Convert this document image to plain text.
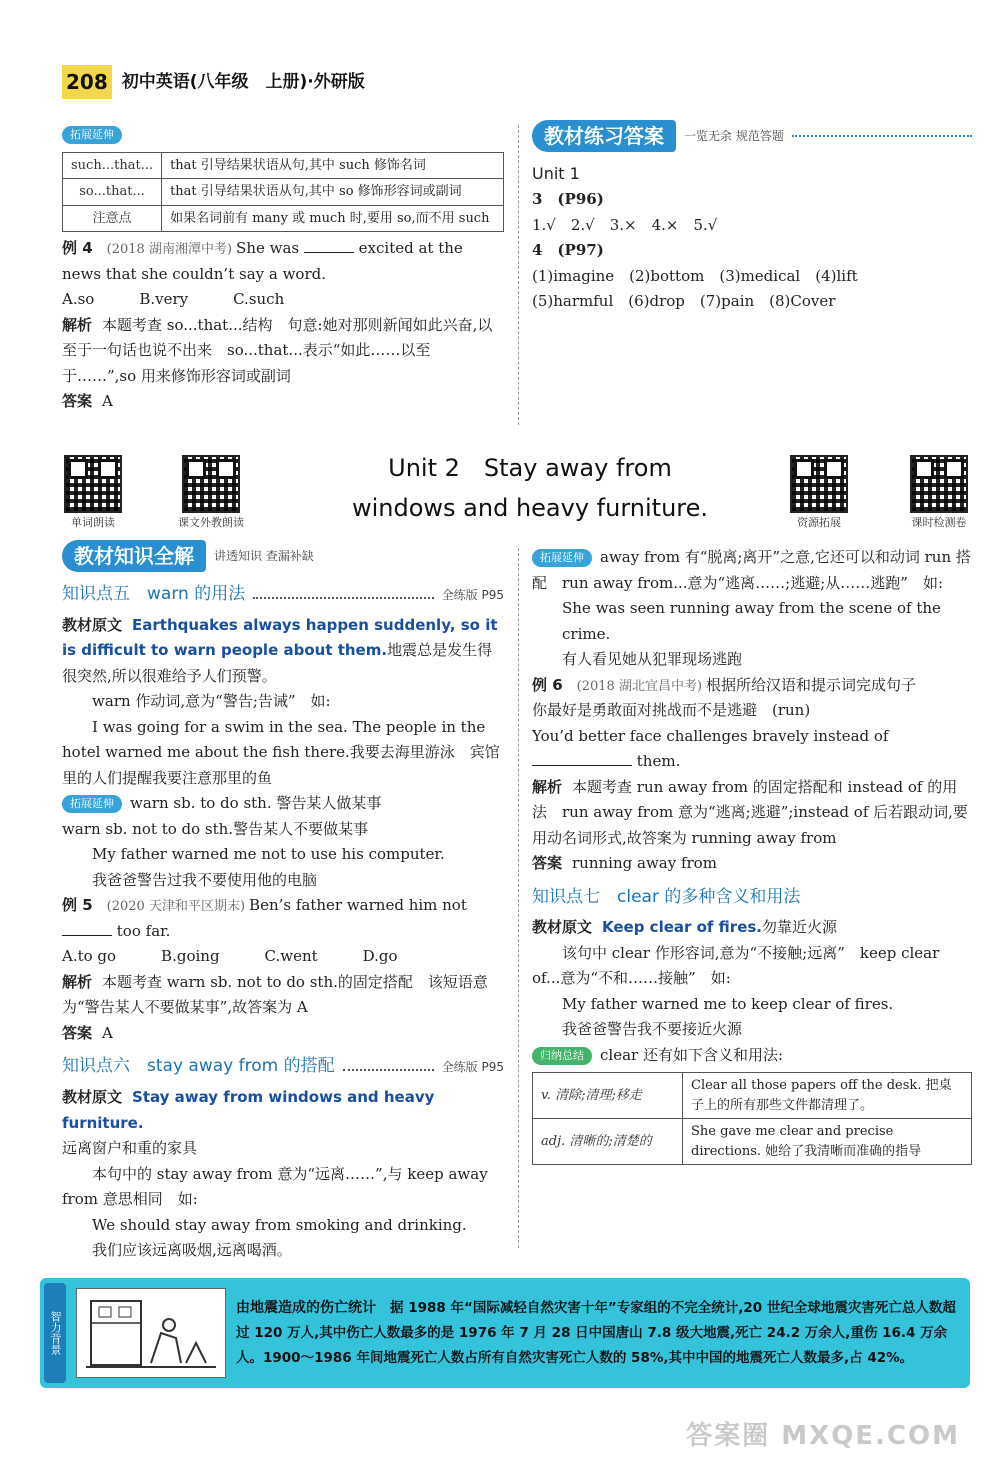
208 初中英语(八年级　上册)·外研版
拓展延伸
such...that...	that 引导结果状语从句,其中 such 修饰名词
so...that...	that 引导结果状语从句,其中 so 修饰形容词或副词
注意点	如果名词前有 many 或 much 时,要用 so,而不用 such

例 4 (2018 湖南湘潭中考) She was	excited at the news that she couldn’t say a word.

A.so　　　B.very　　　C.such

解析 本题考查 so...that...结构　句意:她对那则新闻如此兴奋,以至于一句话也说不出来　so...that...表示“如此……以至于……”,so 用来修饰形容词或副词

答案 A

教材练习答案	一览无余 规范答题

Unit 1

3　(P96)

1.√　2.√　3.×　4.×　5.√

4　(P97)

(1)imagine　(2)bottom　(3)medical　(4)lift

(5)harmful　(6)drop　(7)pain　(8)Cover

单词朗读	课文外教朗读
Unit 2　Stay away from
windows and heavy furniture.
资源拓展	课时检测卷
教材知识全解	讲透知识 查漏补缺
知识点五　warn 的用法	全练版 P95

教材原文 Earthquakes always happen suddenly, so it is difficult to warn people about them.地震总是发生得很突然,所以很难给予人们预警。

warn 作动词,意为“警告;告诫”　如:

I was going for a swim in the sea. The people in the hotel warned me about the fish there.我要去海里游泳　宾馆里的人们提醒我要注意那里的鱼

拓展延伸 warn sb. to do sth. 警告某人做某事

warn sb. not to do sth.警告某人不要做某事

My father warned me not to use his computer.

我爸爸警告过我不要使用他的电脑

例 5 (2020 天津和平区期末) Ben’s father warned him not  too far.

A.to go　　　B.going　　　C.went　　　D.go

解析 本题考查 warn sb. not to do sth.的固定搭配　该短语意为“警告某人不要做某事”,故答案为 A

答案 A

知识点六　stay away from 的搭配	全练版 P95

教材原文 Stay away from windows and heavy furniture.

远离窗户和重的家具

本句中的 stay away from 意为“远离……”,与 keep away from 意思相同　如:

We should stay away from smoking and drinking.

我们应该远离吸烟,远离喝酒。

拓展延伸 away from 有“脱离;离开”之意,它还可以和动词 run 搭配　run away from...意为“逃离……;逃避;从……逃跑”　如:

She was seen running away from the scene of the crime.

有人看见她从犯罪现场逃跑

例 6 (2018 湖北宜昌中考) 根据所给汉语和提示词完成句子

你最好是勇敢面对挑战而不是逃避　(run)

You’d better face challenges bravely instead of  them.

解析 本题考查 run away from 的固定搭配和 instead of 的用法　run away from 意为“逃离;逃避”;instead of 后若跟动词,要用动名词形式,故答案为 running away from

答案 running away from

知识点七　clear 的多种含义和用法

教材原文 Keep clear of fires.勿靠近火源

该句中 clear 作形容词,意为“不接触;远离”　keep clear of...意为“不和……接触”　如:

My father warned me to keep clear of fires.

我爸爸警告我不要接近火源

归纳总结 clear 还有如下含义和用法:

v. 清除;清理;移走	Clear all those papers off the desk. 把桌子上的所有那些文件都清理了。
adj. 清晰的;清楚的	She gave me clear and precise directions. 她给了我清晰而准确的指导
智力背景
由地震造成的伤亡统计 据 1988 年“国际减轻自然灾害十年”专家组的不完全统计,20 世纪全球地震灾害死亡总人数超过 120 万人,其中伤亡人数最多的是 1976 年 7 月 28 日中国唐山 7.8 级大地震,死亡 24.2 万余人,重伤 16.4 万余人。1900～1986 年间地震死亡人数占所有自然灾害死亡人数的 58%,其中中国的地震死亡人数最多,占 42%。
答案圈 MXQE.COM
